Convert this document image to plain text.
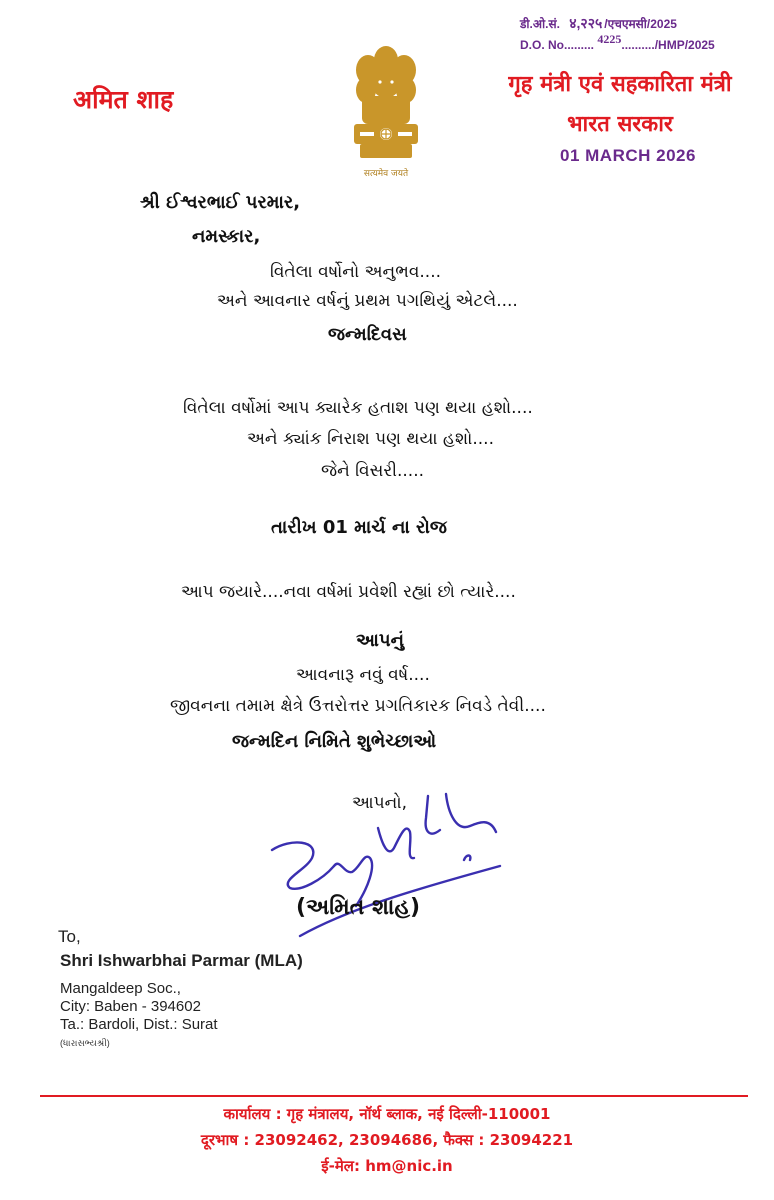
डी.ओ.सं. ४,२२५ /एचएमसी/2025
D.O. No......... 4225........../HMP/2025
अमित शाह
सत्यमेव जयते
गृह मंत्री एवं सहकारिता मंत्री
भारत सरकार
01 MARCH 2026
શ્રી ઈશ્વરભાઈ પરમાર,
નમસ્કાર,
વિતેલા વર્ષોનો અનુભવ....
અને આવનાર વર્ષનું પ્રથમ પગથિયું એટલે....
જન્મદિવસ
વિતેલા વર્ષોમાં આપ ક્યારેક હતાશ પણ થયા હશો....
અને ક્યાંક નિરાશ પણ થયા હશો....
જેને વિસરી.....
તારીખ 01 માર્ચ ના રોજ
આપ જયારે....નવા વર્ષમાં પ્રવેશી રહ્યાં છો ત્યારે....
આપનું
આવનારૂ નવું વર્ષ....
જીવનના તમામ ક્ષેત્રે ઉત્તરોત્તર પ્રગતિકારક નિવડે તેવી....
જન્મદિન નિમિતે શુભેચ્છાઓ
આપનો,
(અમિત શાહ)
To,
Shri Ishwarbhai Parmar (MLA)
Mangaldeep Soc.,
City: Baben - 394602
Ta.: Bardoli, Dist.: Surat
(ધારાસભ્યશ્રી)
कार्यालय : गृह मंत्रालय, नॉर्थ ब्लाक, नई दिल्ली-110001
दूरभाष : 23092462, 23094686, फैक्स : 23094221
ई-मेल: hm@nic.in
